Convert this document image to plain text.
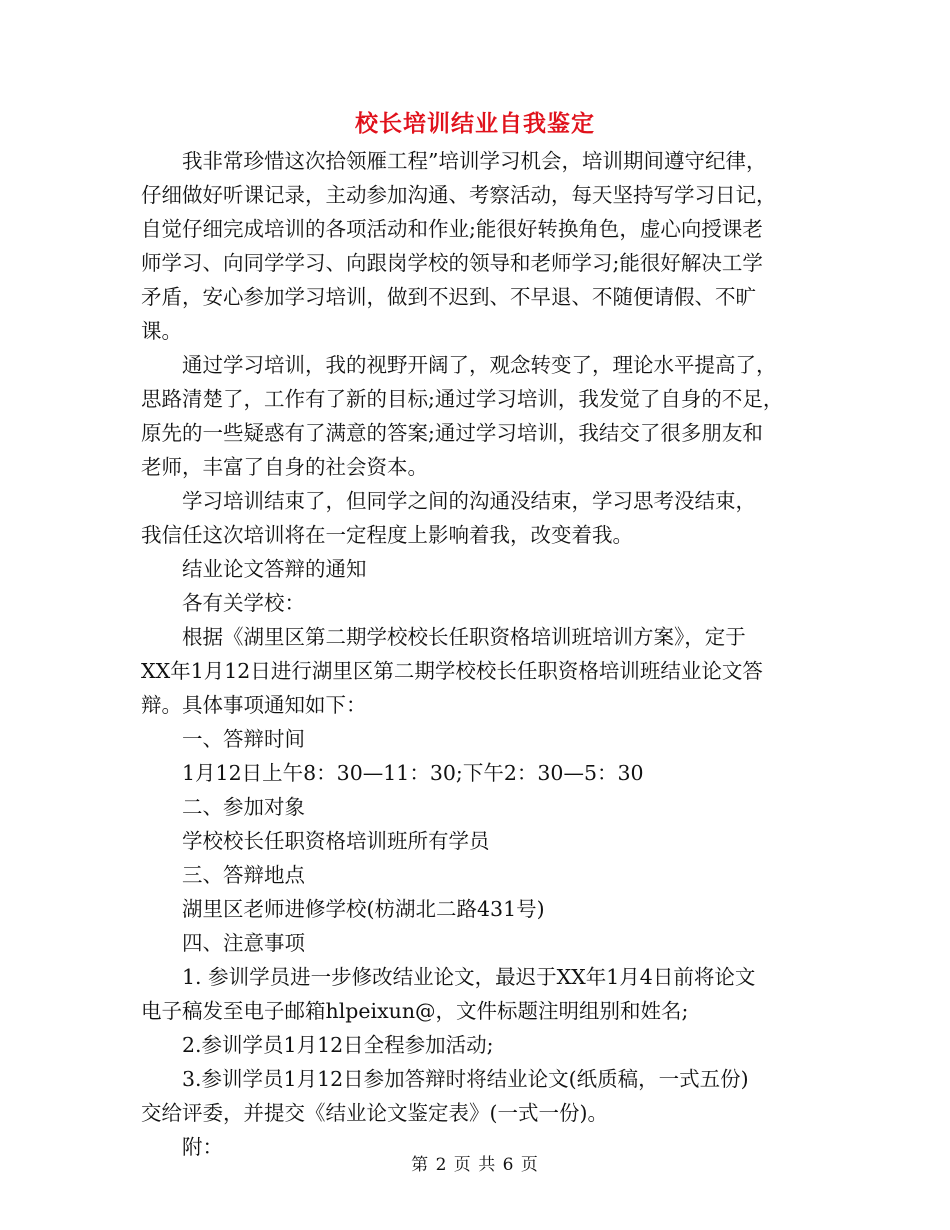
校长培训结业自我鉴定
我非常珍惜这次拾领雁工程”培训学习机会，培训期间遵守纪律，
仔细做好听课记录，主动参加沟通、考察活动，每天坚持写学习日记，
自觉仔细完成培训的各项活动和作业;能很好转换角色，虚心向授课老
师学习、向同学学习、向跟岗学校的领导和老师学习;能很好解决工学
矛盾，安心参加学习培训，做到不迟到、不早退、不随便请假、不旷
课。
通过学习培训，我的视野开阔了，观念转变了，理论水平提高了，
思路清楚了，工作有了新的目标;通过学习培训，我发觉了自身的不足，
原先的一些疑惑有了满意的答案;通过学习培训，我结交了很多朋友和
老师，丰富了自身的社会资本。
学习培训结束了，但同学之间的沟通没结束，学习思考没结束，
我信任这次培训将在一定程度上影响着我，改变着我。
结业论文答辩的通知
各有关学校：
根据《湖里区第二期学校校长任职资格培训班培训方案》，定于
XX年1月12日进行湖里区第二期学校校长任职资格培训班结业论文答
辩。具体事项通知如下：
一、答辩时间
1月12日上午8：30—11：30;下午2：30—5：30
二、参加对象
学校校长任职资格培训班所有学员
三、答辩地点
湖里区老师进修学校(枋湖北二路431号)
四、注意事项
1. 参训学员进一步修改结业论文，最迟于XX年1月4日前将论文
电子稿发至电子邮箱hlpeixun@，文件标题注明组别和姓名;
2.参训学员1月12日全程参加活动;
3.参训学员1月12日参加答辩时将结业论文(纸质稿，一式五份)
交给评委，并提交《结业论文鉴定表》(一式一份)。
附：
第 2 页 共 6 页
